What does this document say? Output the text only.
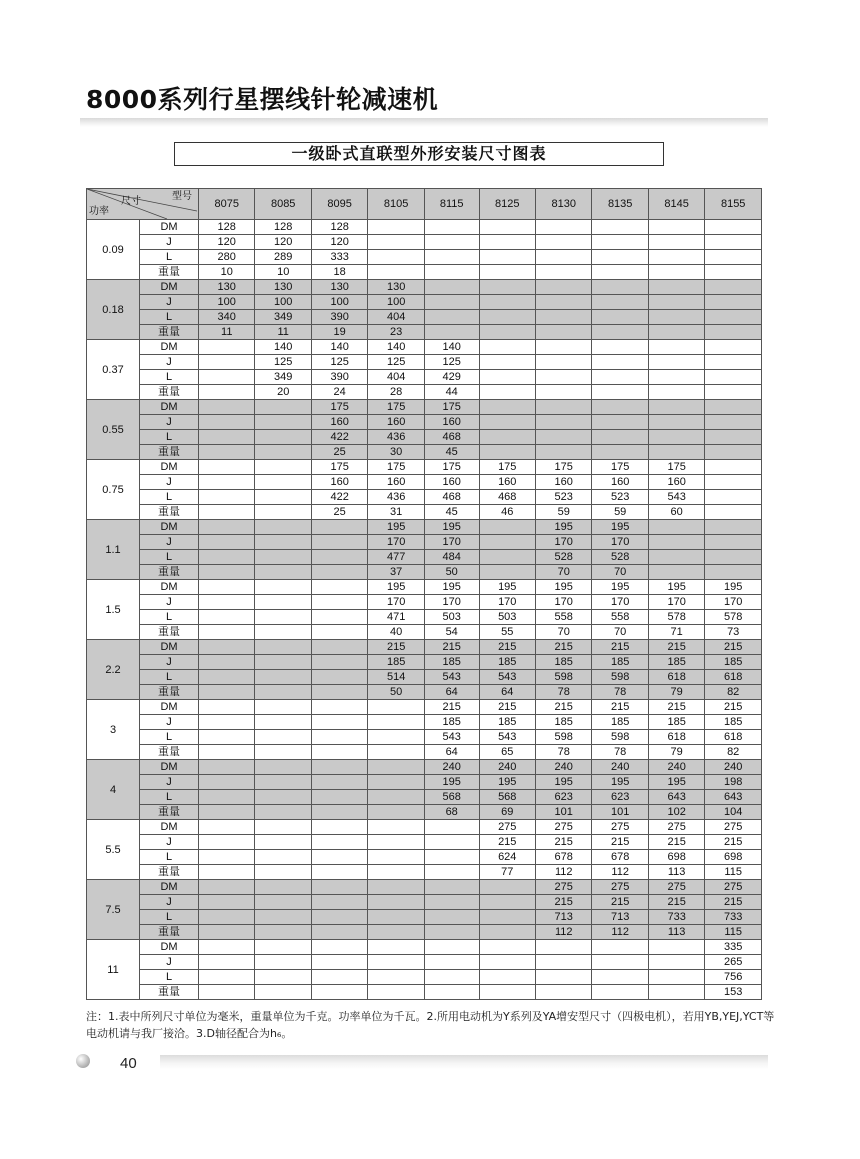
8000系列行星摆线针轮减速机
一级卧式直联型外形安装尺寸图表
型号
尺寸
功率		8075	8085	8095	8105	8115	8125	8130	8135	8145	8155
0.09	DM	128	128	128							
	J	120	120	120							
	L	280	289	333							
	重量	10	10	18							
0.18	DM	130	130	130	130						
	J	100	100	100	100						
	L	340	349	390	404						
	重量	11	11	19	23						
0.37	DM		140	140	140	140					
	J		125	125	125	125					
	L		349	390	404	429					
	重量		20	24	28	44					
0.55	DM			175	175	175					
	J			160	160	160					
	L			422	436	468					
	重量			25	30	45					
0.75	DM			175	175	175	175	175	175	175	
	J			160	160	160	160	160	160	160	
	L			422	436	468	468	523	523	543	
	重量			25	31	45	46	59	59	60	
1.1	DM				195	195		195	195		
	J				170	170		170	170		
	L				477	484		528	528		
	重量				37	50		70	70		
1.5	DM				195	195	195	195	195	195	195
	J				170	170	170	170	170	170	170
	L				471	503	503	558	558	578	578
	重量				40	54	55	70	70	71	73
2.2	DM				215	215	215	215	215	215	215
	J				185	185	185	185	185	185	185
	L				514	543	543	598	598	618	618
	重量				50	64	64	78	78	79	82
3	DM					215	215	215	215	215	215
	J					185	185	185	185	185	185
	L					543	543	598	598	618	618
	重量					64	65	78	78	79	82
4	DM					240	240	240	240	240	240
	J					195	195	195	195	195	198
	L					568	568	623	623	643	643
	重量					68	69	101	101	102	104
5.5	DM						275	275	275	275	275
	J						215	215	215	215	215
	L						624	678	678	698	698
	重量						77	112	112	113	115
7.5	DM							275	275	275	275
	J							215	215	215	215
	L							713	713	733	733
	重量							112	112	113	115
11	DM										335
	J										265
	L										756
	重量										153
注：1.表中所列尺寸单位为毫米，重量单位为千克。功率单位为千瓦。2.所用电动机为Y系列及YA增安型尺寸（四极电机），若用YB,YEJ,YCT等电动机请与我厂接洽。3.D轴径配合为h₆。
40
